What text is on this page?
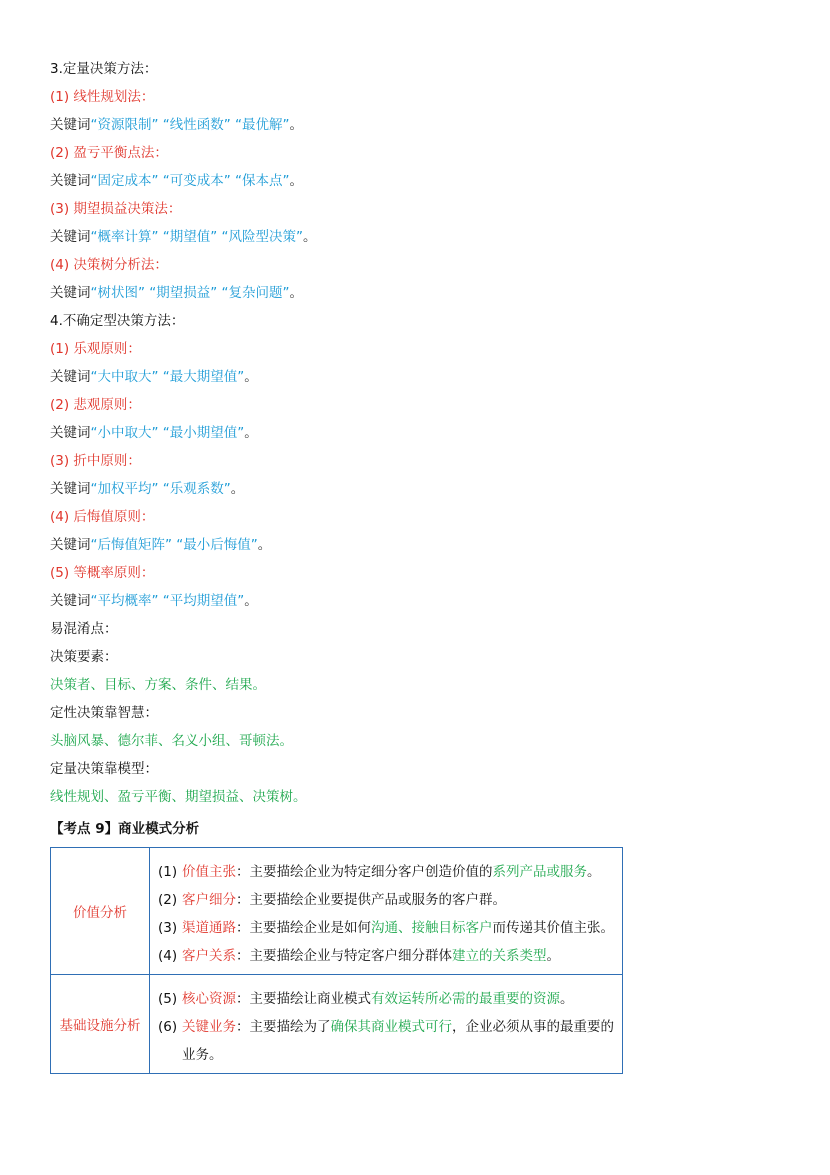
3.定量决策方法：
(1) 线性规划法：
关键词“资源限制” “线性函数” “最优解”。
(2) 盈亏平衡点法：
关键词“固定成本” “可变成本” “保本点”。
(3) 期望损益决策法：
关键词“概率计算” “期望值” “风险型决策”。
(4) 决策树分析法：
关键词“树状图” “期望损益” “复杂问题”。
4.不确定型决策方法：
(1) 乐观原则：
关键词“大中取大” “最大期望值”。
(2) 悲观原则：
关键词“小中取大” “最小期望值”。
(3) 折中原则：
关键词“加权平均” “乐观系数”。
(4) 后悔值原则：
关键词“后悔值矩阵” “最小后悔值”。
(5) 等概率原则：
关键词“平均概率” “平均期望值”。
易混淆点：
决策要素：
决策者、目标、方案、条件、结果。
定性决策靠智慧：
头脑风暴、德尔菲、名义小组、哥顿法。
定量决策靠模型：
线性规划、盈亏平衡、期望损益、决策树。
【考点 9】商业模式分析
价值分析	(1) 价值主张：主要描绘企业为特定细分客户创造价值的系列产品或服务。
(2) 客户细分：主要描绘企业要提供产品或服务的客户群。
(3) 渠道通路：主要描绘企业是如何沟通、接触目标客户而传递其价值主张。
(4) 客户关系：主要描绘企业与特定客户细分群体建立的关系类型。

基础设施分析	(5) 核心资源：主要描绘让商业模式有效运转所必需的最重要的资源。
(6) 关键业务：主要描绘为了确保其商业模式可行，企业必须从事的最重要的业务。
